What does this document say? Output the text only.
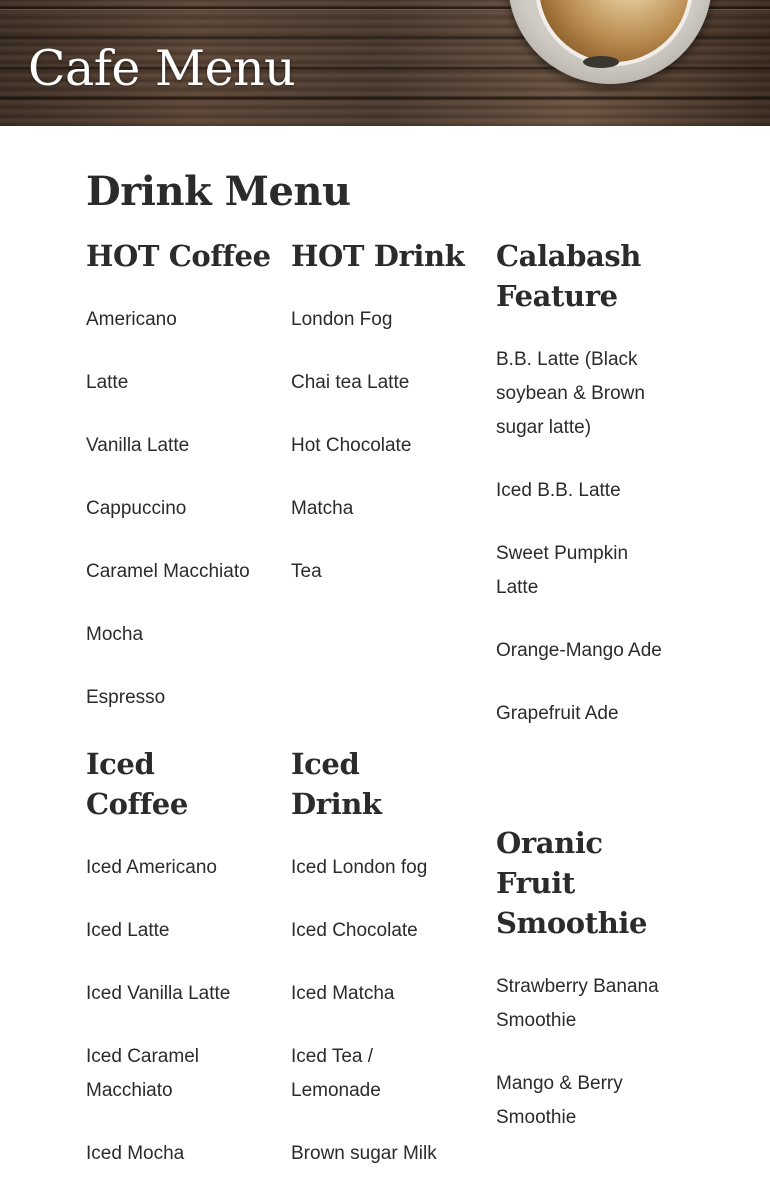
Cafe Menu
Drink Menu
HOT Coffee
Americano
Latte
Vanilla Latte
Cappuccino
Caramel Macchiato
Mocha
Espresso
HOT Drink
London Fog
Chai tea Latte
Hot Chocolate
Matcha
Tea
Calabash Feature
B.B. Latte (Black soybean & Brown sugar latte)
Iced B.B. Latte
Sweet Pumpkin Latte
Orange-Mango Ade
Grapefruit Ade
Iced Coffee
Iced Americano
Iced Latte
Iced Vanilla Latte
Iced Caramel Macchiato
Iced Mocha
Iced Drink
Iced London fog
Iced Chocolate
Iced Matcha
Iced Tea / Lemonade
Brown sugar Milk
Oranic Fruit Smoothie
Strawberry Banana Smoothie
Mango & Berry Smoothie
